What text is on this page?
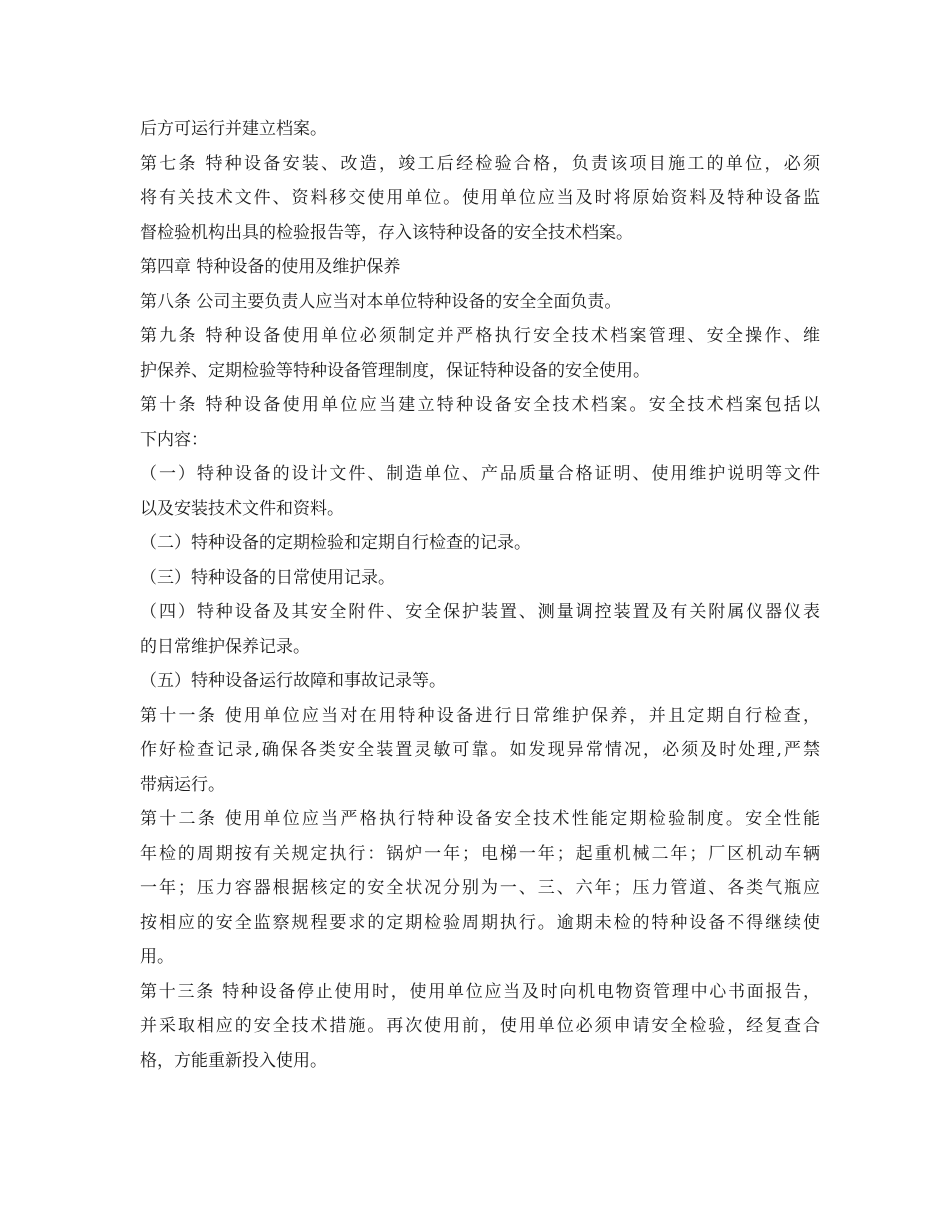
后方可运行并建立档案。
第七条 特种设备安装、改造，竣工后经检验合格，负责该项目施工的单位，必须
将有关技术文件、资料移交使用单位。使用单位应当及时将原始资料及特种设备监
督检验机构出具的检验报告等，存入该特种设备的安全技术档案。
第四章 特种设备的使用及维护保养
第八条 公司主要负责人应当对本单位特种设备的安全全面负责。
第九条 特种设备使用单位必须制定并严格执行安全技术档案管理、安全操作、维
护保养、定期检验等特种设备管理制度，保证特种设备的安全使用。
第十条 特种设备使用单位应当建立特种设备安全技术档案。安全技术档案包括以
下内容：
（一）特种设备的设计文件、制造单位、产品质量合格证明、使用维护说明等文件
以及安装技术文件和资料。
（二）特种设备的定期检验和定期自行检查的记录。
（三）特种设备的日常使用记录。
（四）特种设备及其安全附件、安全保护装置、测量调控装置及有关附属仪器仪表
的日常维护保养记录。
（五）特种设备运行故障和事故记录等。
第十一条 使用单位应当对在用特种设备进行日常维护保养，并且定期自行检查，
作好检查记录,确保各类安全装置灵敏可靠。如发现异常情况，必须及时处理,严禁
带病运行。
第十二条 使用单位应当严格执行特种设备安全技术性能定期检验制度。安全性能
年检的周期按有关规定执行：锅炉一年；电梯一年；起重机械二年；厂区机动车辆
一年；压力容器根据核定的安全状况分别为一、三、六年；压力管道、各类气瓶应
按相应的安全监察规程要求的定期检验周期执行。逾期未检的特种设备不得继续使
用。
第十三条 特种设备停止使用时，使用单位应当及时向机电物资管理中心书面报告，
并采取相应的安全技术措施。再次使用前，使用单位必须申请安全检验，经复查合
格，方能重新投入使用。
